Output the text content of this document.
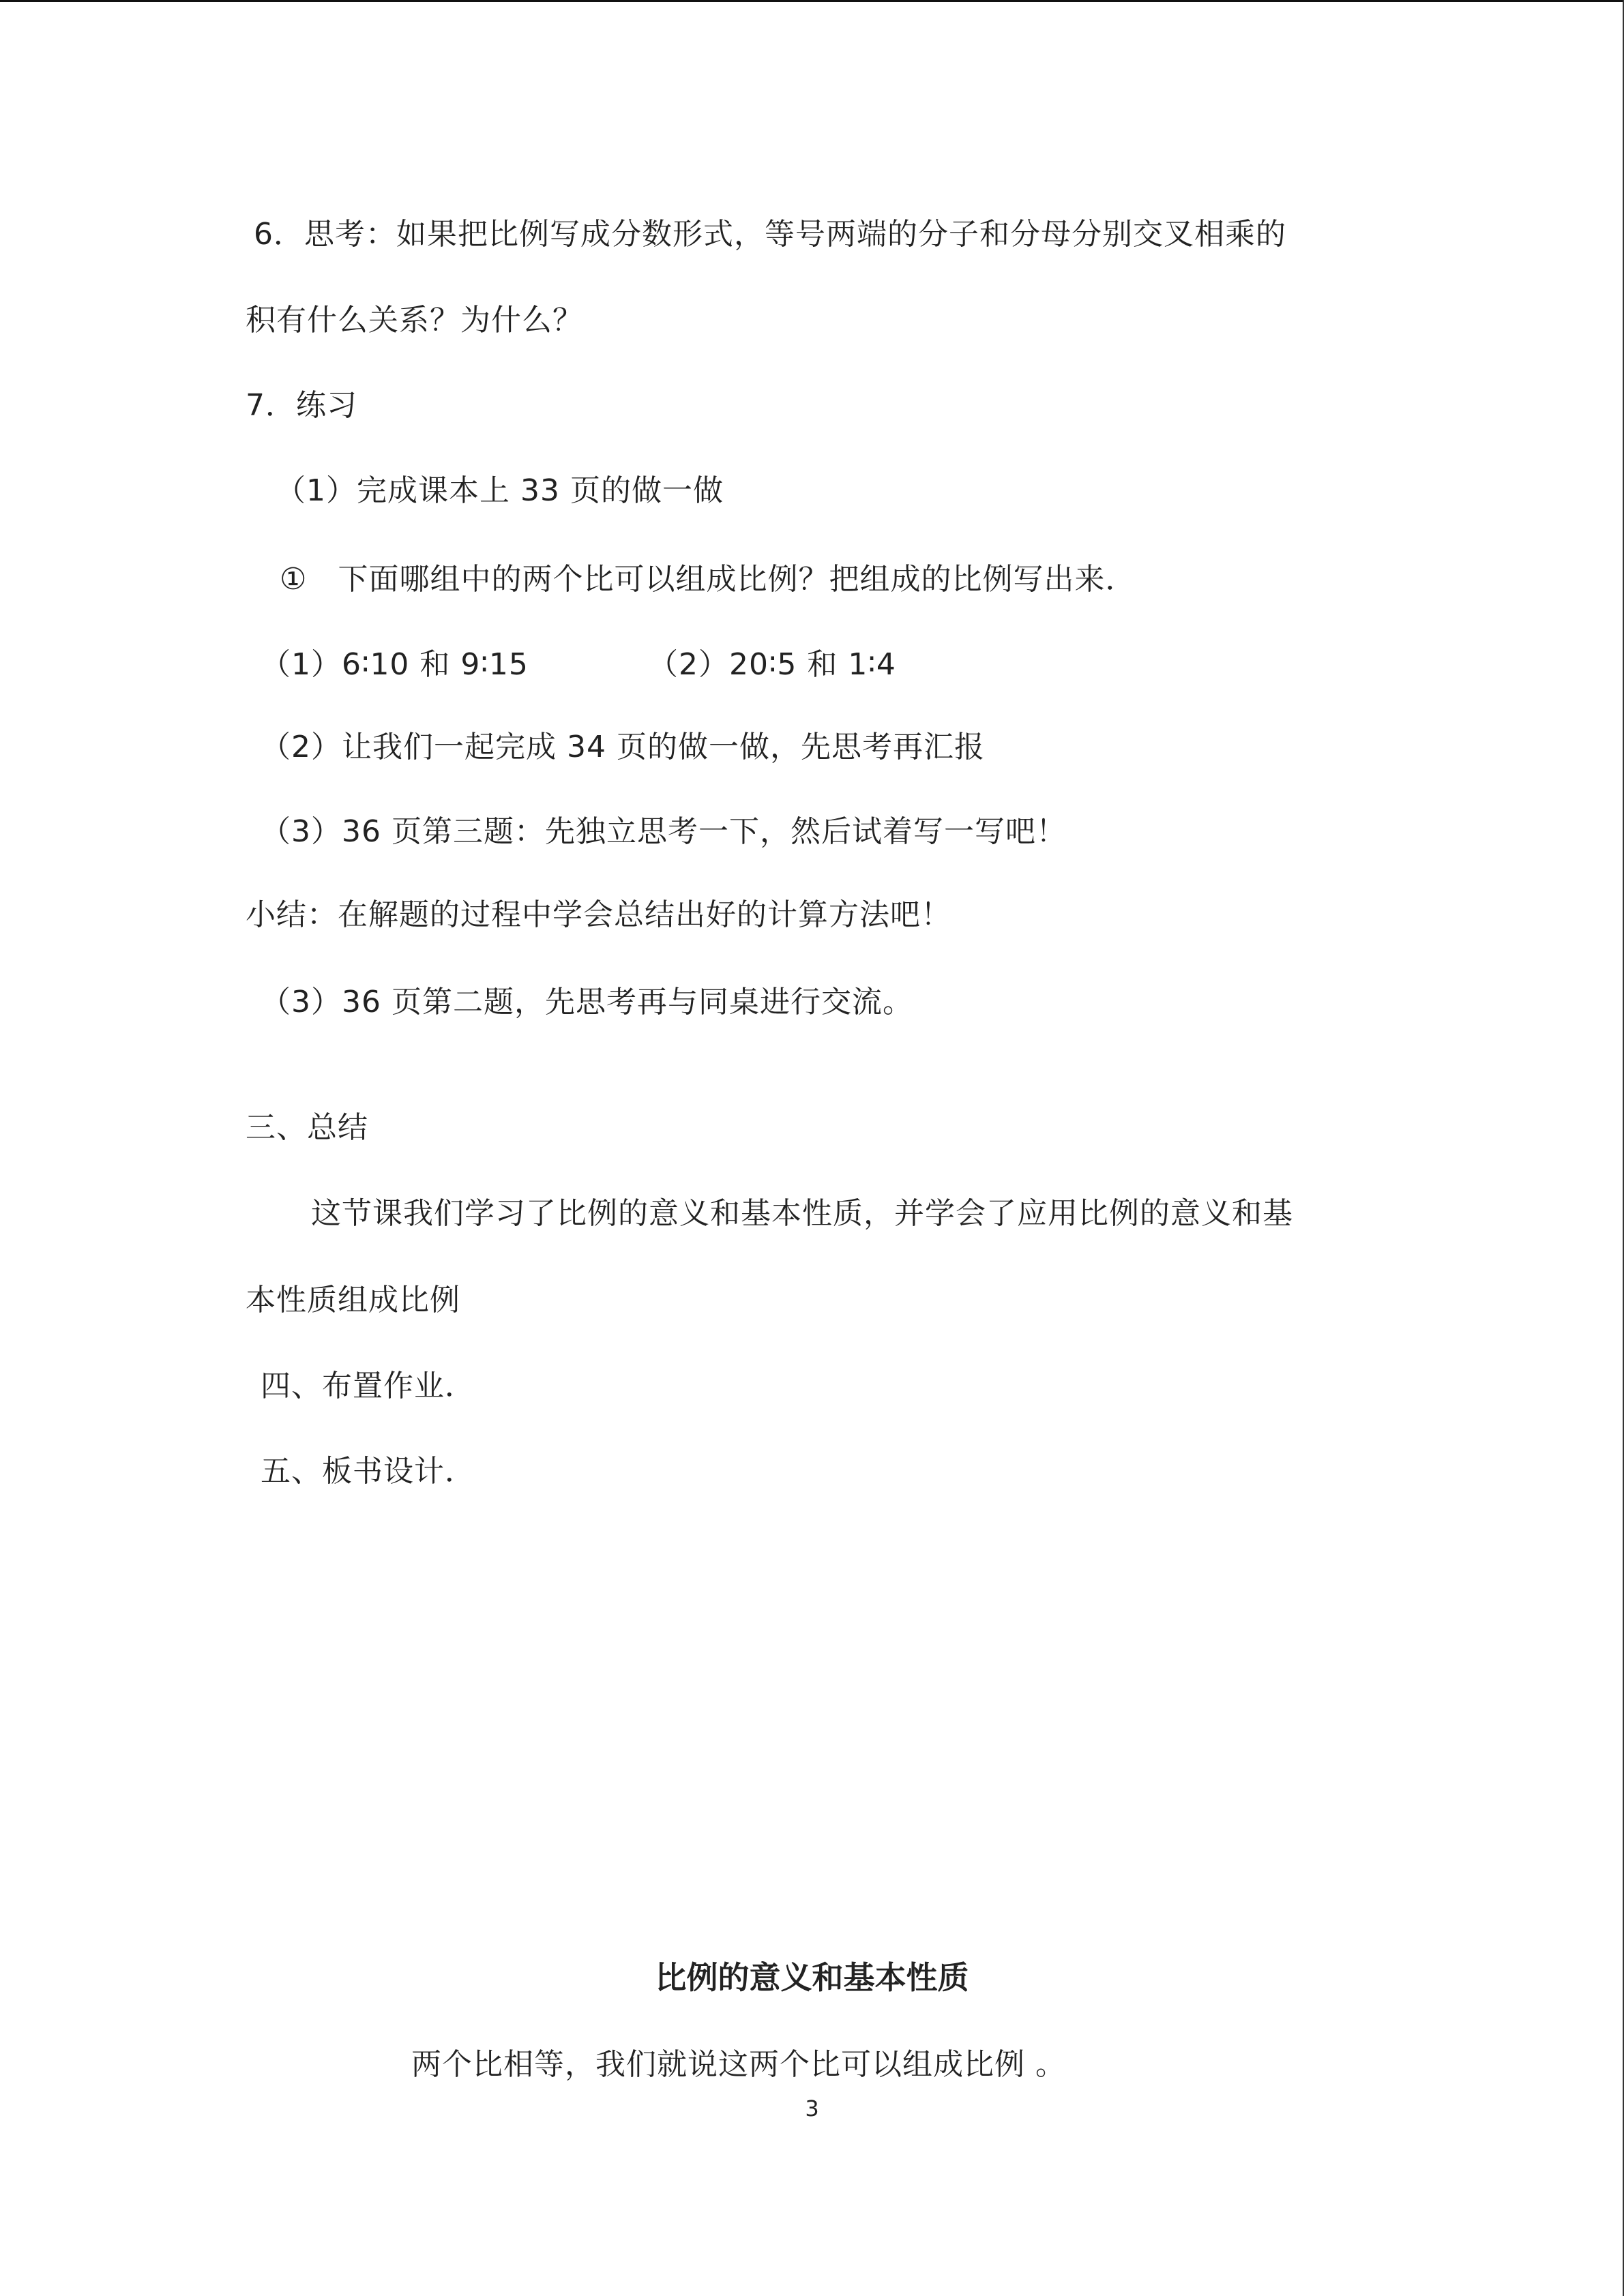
6．思考：如果把比例写成分数形式，等号两端的分子和分母分别交叉相乘的
积有什么关系？为什么？
7．练习
（1）完成课本上 33 页的做一做
①　下面哪组中的两个比可以组成比例？把组成的比例写出来．
（1）6∶10 和 9∶15	（2）20∶5 和 1∶4
（2）让我们一起完成 34 页的做一做，先思考再汇报
（3）36 页第三题：先独立思考一下，然后试着写一写吧！
小结：在解题的过程中学会总结出好的计算方法吧！
（3）36 页第二题，先思考再与同桌进行交流。
三、总结
这节课我们学习了比例的意义和基本性质，并学会了应用比例的意义和基
本性质组成比例
四、布置作业．
五、板书设计．
比例的意义和基本性质
两个比相等，我们就说这两个比可以组成比例 。
3
